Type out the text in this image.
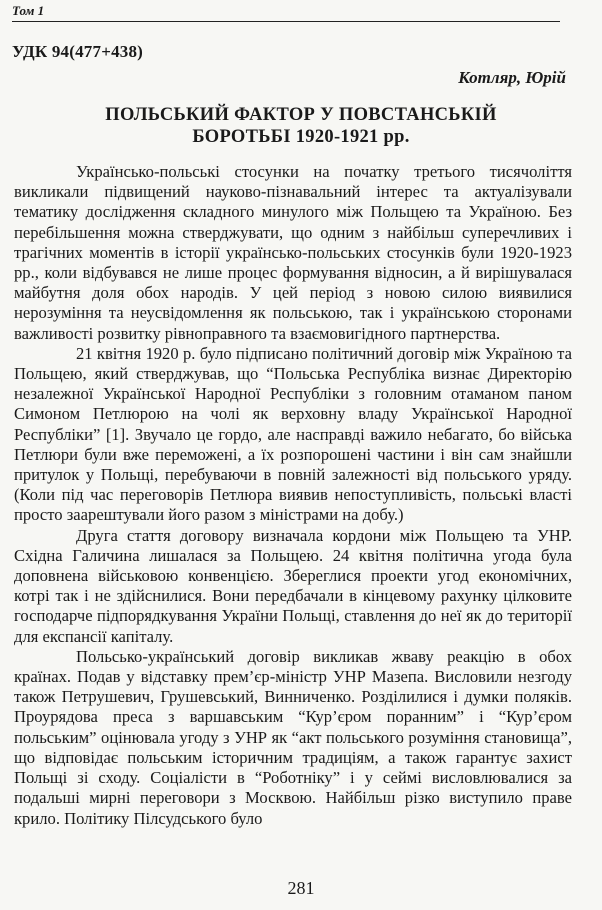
Том 1
УДК 94(477+438)
Котляр, Юрій
ПОЛЬСЬКИЙ ФАКТОР У ПОВСТАНСЬКІЙ
БОРОТЬБІ 1920-1921 рр.

Українсько-польські стосунки на початку третього тисячоліття викликали підвищений науково-пізнавальний інтерес та актуалізували тематику дослідження складного минулого між Польщею та Україною. Без перебільшення можна стверджувати, що одним з найбільш суперечливих і трагічних моментів в історії українсько-польських стосунків були 1920-1923 рр., коли відбувався не лише процес формування відносин, а й вирішувалася майбутня доля обох народів. У цей період з новою силою виявилися нерозуміння та неусвідомлення як польською, так і українською сторонами важливості розвитку рівноправного та взаємовигідного партнерства.

21 квітня 1920 р. було підписано політичний договір між Україною та Польщею, який стверджував, що “Польська Республіка визнає Директорію незалежної Української Народної Республіки з головним отаманом паном Симоном Петлюрою на чолі як верховну владу Української Народної Республіки” [1]. Звучало це гордо, але насправді важило небагато, бо війська Петлюри були вже переможені, а їх розпорошені частини і він сам знайшли притулок у Польщі, перебуваючи в повній залежності від польського уряду. (Коли під час переговорів Петлюра виявив непоступливість, польські власті просто заарештували його разом з міністрами на добу.)

Друга стаття договору визначала кордони між Польщею та УНР. Східна Галичина лишалася за Польщею. 24 квітня політична угода була доповнена військовою конвенцією. Збереглися проекти угод економічних, котрі так і не здійснилися. Вони передбачали в кінцевому рахунку цілковите господарче підпорядкування України Польщі, ставлення до неї як до території для експансії капіталу.

Польсько-український договір викликав жваву реакцію в обох країнах. Подав у відставку прем’єр-міністр УНР Мазепа. Висловили незгоду також Петрушевич, Грушевський, Винниченко. Розділилися і думки поляків. Проурядова преса з варшавським “Кур’єром поранним” і “Кур’єром польським” оцінювала угоду з УНР як “акт польського розуміння становища”, що відповідає польським історичним традиціям, а також гарантує захист Польщі зі сходу. Соціалісти в “Роботніку” і у сеймі висловлювалися за подальші мирні переговори з Москвою. Найбільш різко виступило праве крило. Політику Пілсудського було

281
